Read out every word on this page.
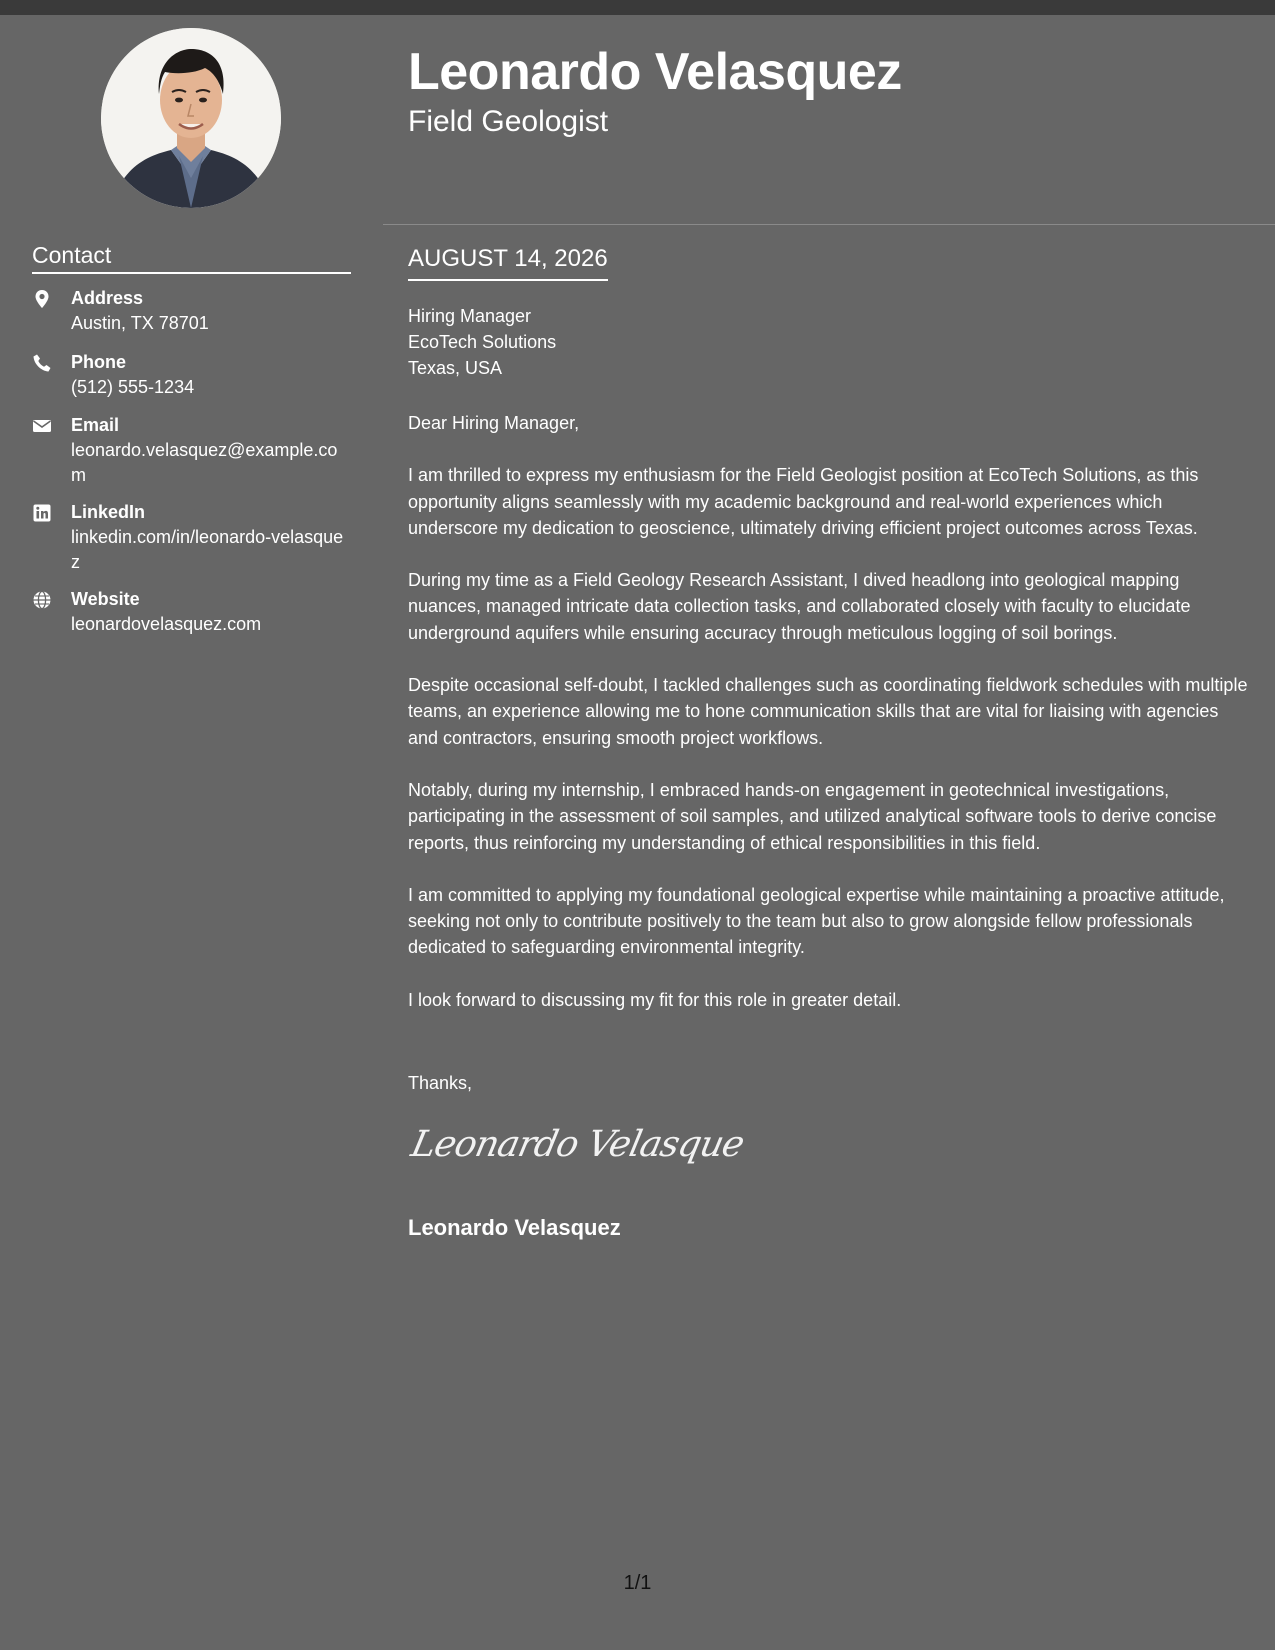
Leonardo Velasquez
Field Geologist
Contact
Address
Austin, TX 78701
Phone
(512) 555-1234
Email
leonardo.velasquez@example.com
LinkedIn
linkedin.com/in/leonardo-velasquez
Website
leonardovelasquez.com
AUGUST 14, 2026
Hiring Manager
EcoTech Solutions
Texas, USA

Dear Hiring Manager,

I am thrilled to express my enthusiasm for the Field Geologist position at EcoTech Solutions, as this opportunity aligns seamlessly with my academic background and real-world experiences which underscore my dedication to geoscience, ultimately driving efficient project outcomes across Texas.

During my time as a Field Geology Research Assistant, I dived headlong into geological mapping nuances, managed intricate data collection tasks, and collaborated closely with faculty to elucidate underground aquifers while ensuring accuracy through meticulous logging of soil borings.

Despite occasional self-doubt, I tackled challenges such as coordinating fieldwork schedules with multiple teams, an experience allowing me to hone communication skills that are vital for liaising with agencies and contractors, ensuring smooth project workflows.

Notably, during my internship, I embraced hands-on engagement in geotechnical investigations, participating in the assessment of soil samples, and utilized analytical software tools to derive concise reports, thus reinforcing my understanding of ethical responsibilities in this field.

I am committed to applying my foundational geological expertise while maintaining a proactive attitude, seeking not only to contribute positively to the team but also to grow alongside fellow professionals dedicated to safeguarding environmental integrity.

I look forward to discussing my fit for this role in greater detail.

Thanks,
Leonardo Velasque
Leonardo Velasquez
1/1
